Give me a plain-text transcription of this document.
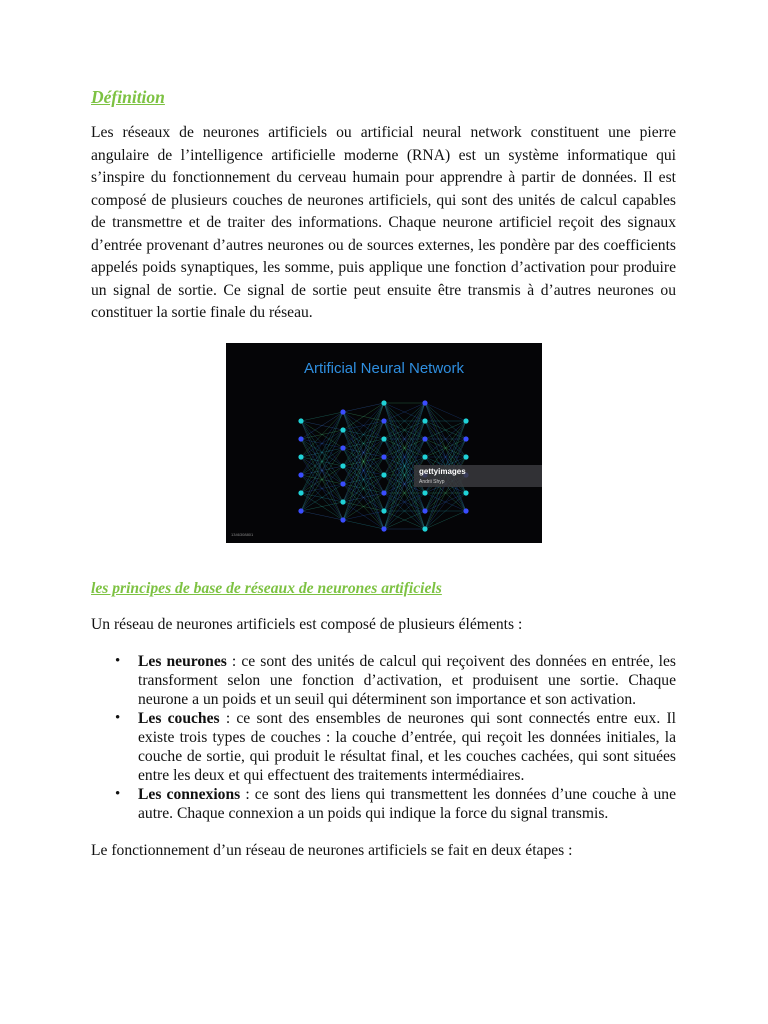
Définition

Les réseaux de neurones artificiels ou artificial neural network constituent une pierre angulaire de l’intelligence artificielle moderne (RNA) est un système informatique qui s’inspire du fonctionnement du cerveau humain pour apprendre à partir de données. Il est composé de plusieurs couches de neurones artificiels, qui sont des unités de calcul capables de transmettre et de traiter des informations. Chaque neurone artificiel reçoit des signaux d’entrée provenant d’autres neurones ou de sources externes, les pondère par des coefficients appelés poids synaptiques, les somme, puis applique une fonction d’activation pour produire un signal de sortie. Ce signal de sortie peut ensuite être transmis à d’autres neurones ou constituer la sortie finale du réseau.

Artificial Neural Network
gettyimages
Andrii Shyp
1346308801
les principes de base de réseaux de neurones artificiels

Un réseau de neurones artificiels est composé de plusieurs éléments :

• Les neurones : ce sont des unités de calcul qui reçoivent des données en entrée, les transforment selon une fonction d’activation, et produisent une sortie. Chaque neurone a un poids et un seuil qui déterminent son importance et son activation.
• Les couches : ce sont des ensembles de neurones qui sont connectés entre eux. Il existe trois types de couches : la couche d’entrée, qui reçoit les données initiales, la couche de sortie, qui produit le résultat final, et les couches cachées, qui sont situées entre les deux et qui effectuent des traitements intermédiaires.
• Les connexions : ce sont des liens qui transmettent les données d’une couche à une autre. Chaque connexion a un poids qui indique la force du signal transmis.

Le fonctionnement d’un réseau de neurones artificiels se fait en deux étapes :
